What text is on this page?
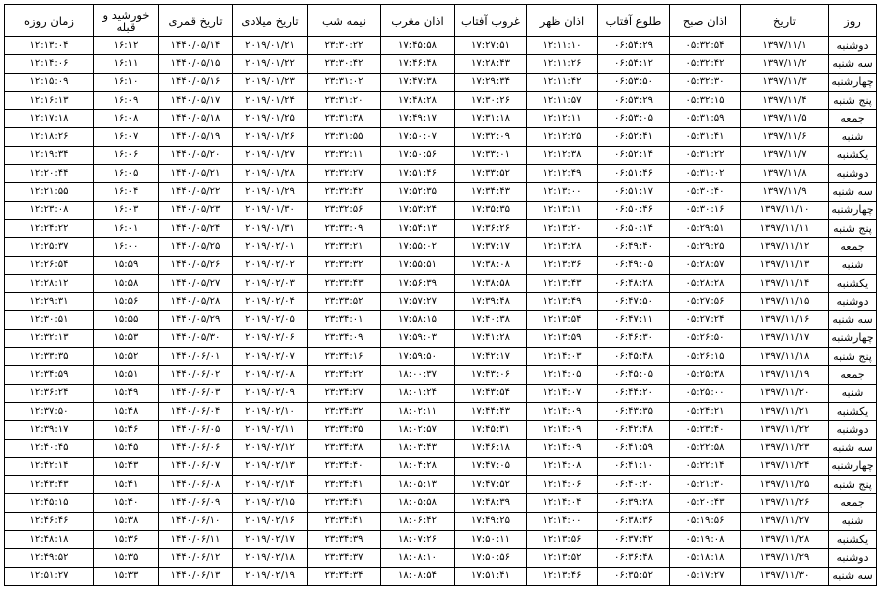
روز	تاریخ	اذان صبح	طلوع آفتاب	اذان ظهر	غروب آفتاب	اذان مغرب	نیمه شب	تاریخ میلادی	تاریخ قمری	خورشید و قبله	زمان روزه
دوشنبه	۱۳۹۷/۱۱/۱	۰۵:۳۲:۵۴	۰۶:۵۴:۲۹	۱۲:۱۱:۱۰	۱۷:۲۷:۵۱	۱۷:۴۵:۵۸	۲۳:۳۰:۲۲	۲۰۱۹/۰۱/۲۱	۱۴۴۰/۰۵/۱۴	۱۶:۱۲	۱۲:۱۳:۰۴
سه شنبه	۱۳۹۷/۱۱/۲	۰۵:۳۲:۴۲	۰۶:۵۴:۱۲	۱۲:۱۱:۲۶	۱۷:۲۸:۴۳	۱۷:۴۶:۴۸	۲۳:۳۰:۴۲	۲۰۱۹/۰۱/۲۲	۱۴۴۰/۰۵/۱۵	۱۶:۱۱	۱۲:۱۴:۰۶
چهارشنبه	۱۳۹۷/۱۱/۳	۰۵:۳۲:۳۰	۰۶:۵۳:۵۰	۱۲:۱۱:۴۲	۱۷:۲۹:۳۴	۱۷:۴۷:۳۸	۲۳:۳۱:۰۲	۲۰۱۹/۰۱/۲۳	۱۴۴۰/۰۵/۱۶	۱۶:۱۰	۱۲:۱۵:۰۹
پنج شنبه	۱۳۹۷/۱۱/۴	۰۵:۳۲:۱۵	۰۶:۵۳:۲۹	۱۲:۱۱:۵۷	۱۷:۳۰:۲۶	۱۷:۴۸:۲۸	۲۳:۳۱:۲۰	۲۰۱۹/۰۱/۲۴	۱۴۴۰/۰۵/۱۷	۱۶:۰۹	۱۲:۱۶:۱۳
جمعه	۱۳۹۷/۱۱/۵	۰۵:۳۱:۵۹	۰۶:۵۳:۰۵	۱۲:۱۲:۱۱	۱۷:۳۱:۱۸	۱۷:۴۹:۱۷	۲۳:۳۱:۳۸	۲۰۱۹/۰۱/۲۵	۱۴۴۰/۰۵/۱۸	۱۶:۰۸	۱۲:۱۷:۱۸
شنبه	۱۳۹۷/۱۱/۶	۰۵:۳۱:۴۱	۰۶:۵۲:۴۱	۱۲:۱۲:۲۵	۱۷:۳۲:۰۹	۱۷:۵۰:۰۷	۲۳:۳۱:۵۵	۲۰۱۹/۰۱/۲۶	۱۴۴۰/۰۵/۱۹	۱۶:۰۷	۱۲:۱۸:۲۶
یکشنبه	۱۳۹۷/۱۱/۷	۰۵:۳۱:۲۲	۰۶:۵۲:۱۴	۱۲:۱۲:۳۸	۱۷:۳۳:۰۱	۱۷:۵۰:۵۶	۲۳:۳۲:۱۱	۲۰۱۹/۰۱/۲۷	۱۴۴۰/۰۵/۲۰	۱۶:۰۶	۱۲:۱۹:۳۴
دوشنبه	۱۳۹۷/۱۱/۸	۰۵:۳۱:۰۲	۰۶:۵۱:۴۶	۱۲:۱۲:۴۹	۱۷:۳۳:۵۲	۱۷:۵۱:۴۶	۲۳:۳۲:۲۷	۲۰۱۹/۰۱/۲۸	۱۴۴۰/۰۵/۲۱	۱۶:۰۵	۱۲:۲۰:۴۴
سه شنبه	۱۳۹۷/۱۱/۹	۰۵:۳۰:۴۰	۰۶:۵۱:۱۷	۱۲:۱۳:۰۰	۱۷:۳۴:۴۳	۱۷:۵۲:۳۵	۲۳:۳۲:۴۲	۲۰۱۹/۰۱/۲۹	۱۴۴۰/۰۵/۲۲	۱۶:۰۴	۱۲:۲۱:۵۵
چهارشنبه	۱۳۹۷/۱۱/۱۰	۰۵:۳۰:۱۶	۰۶:۵۰:۴۶	۱۲:۱۳:۱۱	۱۷:۳۵:۳۵	۱۷:۵۳:۲۴	۲۳:۳۲:۵۶	۲۰۱۹/۰۱/۳۰	۱۴۴۰/۰۵/۲۳	۱۶:۰۳	۱۲:۲۳:۰۸
پنج شنبه	۱۳۹۷/۱۱/۱۱	۰۵:۲۹:۵۱	۰۶:۵۰:۱۴	۱۲:۱۳:۲۰	۱۷:۳۶:۲۶	۱۷:۵۴:۱۳	۲۳:۳۳:۰۹	۲۰۱۹/۰۱/۳۱	۱۴۴۰/۰۵/۲۴	۱۶:۰۱	۱۲:۲۴:۲۲
جمعه	۱۳۹۷/۱۱/۱۲	۰۵:۲۹:۲۵	۰۶:۴۹:۴۰	۱۲:۱۳:۲۸	۱۷:۳۷:۱۷	۱۷:۵۵:۰۲	۲۳:۳۳:۲۱	۲۰۱۹/۰۲/۰۱	۱۴۴۰/۰۵/۲۵	۱۶:۰۰	۱۲:۲۵:۳۷
شنبه	۱۳۹۷/۱۱/۱۳	۰۵:۲۸:۵۷	۰۶:۴۹:۰۵	۱۲:۱۳:۳۶	۱۷:۳۸:۰۸	۱۷:۵۵:۵۱	۲۳:۳۳:۳۲	۲۰۱۹/۰۲/۰۲	۱۴۴۰/۰۵/۲۶	۱۵:۵۹	۱۲:۲۶:۵۴
یکشنبه	۱۳۹۷/۱۱/۱۴	۰۵:۲۸:۲۸	۰۶:۴۸:۲۸	۱۲:۱۳:۴۳	۱۷:۳۸:۵۸	۱۷:۵۶:۳۹	۲۳:۳۳:۴۳	۲۰۱۹/۰۲/۰۳	۱۴۴۰/۰۵/۲۷	۱۵:۵۸	۱۲:۲۸:۱۲
دوشنبه	۱۳۹۷/۱۱/۱۵	۰۵:۲۷:۵۶	۰۶:۴۷:۵۰	۱۲:۱۳:۴۹	۱۷:۳۹:۴۸	۱۷:۵۷:۲۷	۲۳:۳۳:۵۲	۲۰۱۹/۰۲/۰۴	۱۴۴۰/۰۵/۲۸	۱۵:۵۶	۱۲:۲۹:۳۱
سه شنبه	۱۳۹۷/۱۱/۱۶	۰۵:۲۷:۲۴	۰۶:۴۷:۱۱	۱۲:۱۳:۵۴	۱۷:۴۰:۳۸	۱۷:۵۸:۱۵	۲۳:۳۴:۰۱	۲۰۱۹/۰۲/۰۵	۱۴۴۰/۰۵/۲۹	۱۵:۵۵	۱۲:۳۰:۵۱
چهارشنبه	۱۳۹۷/۱۱/۱۷	۰۵:۲۶:۵۰	۰۶:۴۶:۳۰	۱۲:۱۳:۵۹	۱۷:۴۱:۲۸	۱۷:۵۹:۰۳	۲۳:۳۴:۰۹	۲۰۱۹/۰۲/۰۶	۱۴۴۰/۰۵/۳۰	۱۵:۵۳	۱۲:۳۲:۱۳
پنج شنبه	۱۳۹۷/۱۱/۱۸	۰۵:۲۶:۱۵	۰۶:۴۵:۴۸	۱۲:۱۴:۰۳	۱۷:۴۲:۱۷	۱۷:۵۹:۵۰	۲۳:۳۴:۱۶	۲۰۱۹/۰۲/۰۷	۱۴۴۰/۰۶/۰۱	۱۵:۵۲	۱۲:۳۳:۳۵
جمعه	۱۳۹۷/۱۱/۱۹	۰۵:۲۵:۳۸	۰۶:۴۵:۰۵	۱۲:۱۴:۰۵	۱۷:۴۳:۰۶	۱۸:۰۰:۳۷	۲۳:۳۴:۲۲	۲۰۱۹/۰۲/۰۸	۱۴۴۰/۰۶/۰۲	۱۵:۵۱	۱۲:۳۴:۵۹
شنبه	۱۳۹۷/۱۱/۲۰	۰۵:۲۵:۰۰	۰۶:۴۴:۲۰	۱۲:۱۴:۰۷	۱۷:۴۳:۵۴	۱۸:۰۱:۲۴	۲۳:۳۴:۲۷	۲۰۱۹/۰۲/۰۹	۱۴۴۰/۰۶/۰۳	۱۵:۴۹	۱۲:۳۶:۲۴
یکشنبه	۱۳۹۷/۱۱/۲۱	۰۵:۲۴:۲۱	۰۶:۴۳:۳۵	۱۲:۱۴:۰۹	۱۷:۴۴:۴۳	۱۸:۰۲:۱۱	۲۳:۳۴:۳۲	۲۰۱۹/۰۲/۱۰	۱۴۴۰/۰۶/۰۴	۱۵:۴۸	۱۲:۳۷:۵۰
دوشنبه	۱۳۹۷/۱۱/۲۲	۰۵:۲۳:۴۰	۰۶:۴۲:۴۸	۱۲:۱۴:۰۹	۱۷:۴۵:۳۱	۱۸:۰۲:۵۷	۲۳:۳۴:۳۵	۲۰۱۹/۰۲/۱۱	۱۴۴۰/۰۶/۰۵	۱۵:۴۶	۱۲:۳۹:۱۷
سه شنبه	۱۳۹۷/۱۱/۲۳	۰۵:۲۲:۵۸	۰۶:۴۱:۵۹	۱۲:۱۴:۰۹	۱۷:۴۶:۱۸	۱۸:۰۳:۴۳	۲۳:۳۴:۳۸	۲۰۱۹/۰۲/۱۲	۱۴۴۰/۰۶/۰۶	۱۵:۴۵	۱۲:۴۰:۴۵
چهارشنبه	۱۳۹۷/۱۱/۲۴	۰۵:۲۲:۱۴	۰۶:۴۱:۱۰	۱۲:۱۴:۰۸	۱۷:۴۷:۰۵	۱۸:۰۴:۲۸	۲۳:۳۴:۴۰	۲۰۱۹/۰۲/۱۳	۱۴۴۰/۰۶/۰۷	۱۵:۴۳	۱۲:۴۲:۱۴
پنج شنبه	۱۳۹۷/۱۱/۲۵	۰۵:۲۱:۳۰	۰۶:۴۰:۲۰	۱۲:۱۴:۰۶	۱۷:۴۷:۵۲	۱۸:۰۵:۱۳	۲۳:۳۴:۴۱	۲۰۱۹/۰۲/۱۴	۱۴۴۰/۰۶/۰۸	۱۵:۴۱	۱۲:۴۳:۴۳
جمعه	۱۳۹۷/۱۱/۲۶	۰۵:۲۰:۴۳	۰۶:۳۹:۲۸	۱۲:۱۴:۰۴	۱۷:۴۸:۳۹	۱۸:۰۵:۵۸	۲۳:۳۴:۴۱	۲۰۱۹/۰۲/۱۵	۱۴۴۰/۰۶/۰۹	۱۵:۴۰	۱۲:۴۵:۱۵
شنبه	۱۳۹۷/۱۱/۲۷	۰۵:۱۹:۵۶	۰۶:۳۸:۳۶	۱۲:۱۴:۰۰	۱۷:۴۹:۲۵	۱۸:۰۶:۴۲	۲۳:۳۴:۴۱	۲۰۱۹/۰۲/۱۶	۱۴۴۰/۰۶/۱۰	۱۵:۳۸	۱۲:۴۶:۴۶
یکشنبه	۱۳۹۷/۱۱/۲۸	۰۵:۱۹:۰۸	۰۶:۳۷:۴۲	۱۲:۱۳:۵۶	۱۷:۵۰:۱۱	۱۸:۰۷:۲۶	۲۳:۳۴:۳۹	۲۰۱۹/۰۲/۱۷	۱۴۴۰/۰۶/۱۱	۱۵:۳۶	۱۲:۴۸:۱۸
دوشنبه	۱۳۹۷/۱۱/۲۹	۰۵:۱۸:۱۸	۰۶:۳۶:۴۸	۱۲:۱۳:۵۲	۱۷:۵۰:۵۶	۱۸:۰۸:۱۰	۲۳:۳۴:۳۷	۲۰۱۹/۰۲/۱۸	۱۴۴۰/۰۶/۱۲	۱۵:۳۵	۱۲:۴۹:۵۲
سه شنبه	۱۳۹۷/۱۱/۳۰	۰۵:۱۷:۲۷	۰۶:۳۵:۵۲	۱۲:۱۳:۴۶	۱۷:۵۱:۴۱	۱۸:۰۸:۵۴	۲۳:۳۴:۳۴	۲۰۱۹/۰۲/۱۹	۱۴۴۰/۰۶/۱۳	۱۵:۳۳	۱۲:۵۱:۲۷
